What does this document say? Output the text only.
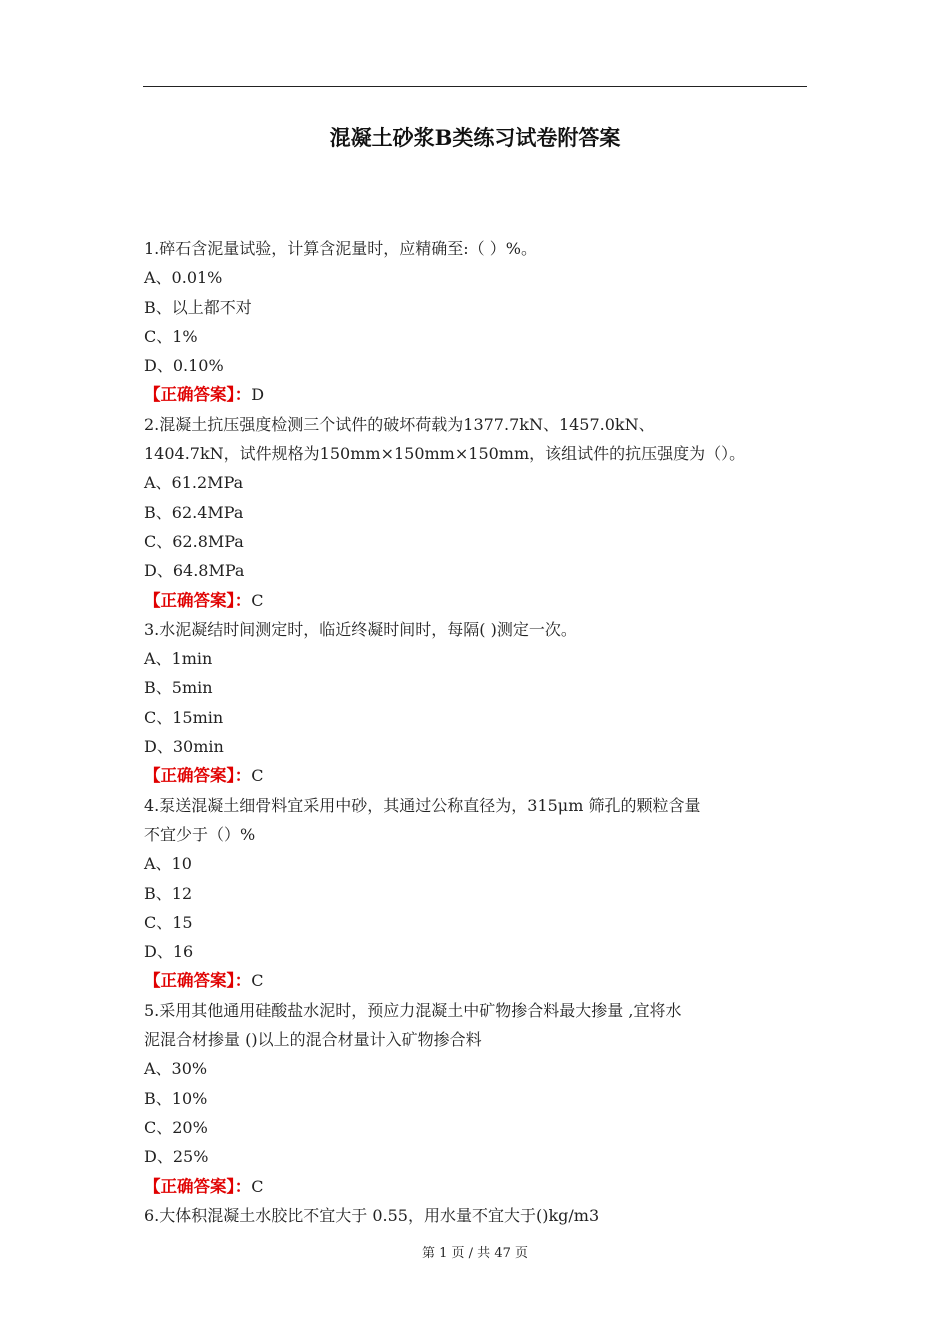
混凝土砂浆B类练习试卷附答案
1.碎石含泥量试验，计算含泥量时，应精确至:（ ）%。
A、0.01%
B、以上都不对
C、1%
D、0.10%
【正确答案】：D
2.混凝土抗压强度检测三个试件的破坏荷载为1377.7kN、1457.0kN、
1404.7kN，试件规格为150mm×150mm×150mm，该组试件的抗压强度为（）。
A、61.2MPa
B、62.4MPa
C、62.8MPa
D、64.8MPa
【正确答案】：C
3.水泥凝结时间测定时，临近终凝时间时，每隔( )测定一次。
A、1min
B、5min
C、15min
D、30min
【正确答案】：C
4.泵送混凝土细骨料宜采用中砂，其通过公称直径为，315μm 筛孔的颗粒含量
不宜少于（）%
A、10
B、12
C、15
D、16
【正确答案】：C
5.采用其他通用硅酸盐水泥时，预应力混凝土中矿物掺合料最大掺量 ,宜将水
泥混合材掺量 ()以上的混合材量计入矿物掺合料
A、30%
B、10%
C、20%
D、25%
【正确答案】：C
6.大体积混凝土水胶比不宜大于 0.55，用水量不宜大于()kg/m3
第 1 页 / 共 47 页
